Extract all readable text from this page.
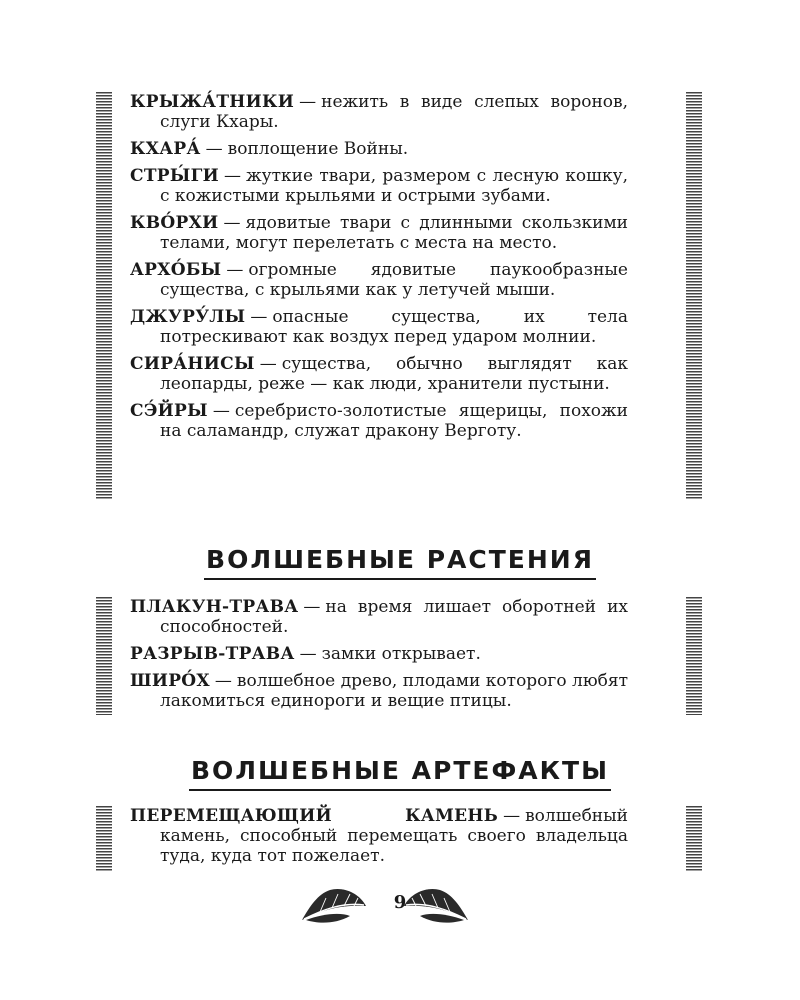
КРЫЖА́ТНИКИ — нежить в виде слепых воронов, слуги Кхары.

КХАРА́ — воплощение Войны.

СТРЫ́ГИ — жуткие твари, размером с лесную кошку, с кожистыми крыльями и острыми зубами.

КВО́РХИ — ядовитые твари с длинными скользкими телами, могут перелетать с места на место.

АРХО́БЫ — огромные ядовитые паукообразные существа, с крыльями как у летучей мыши.

ДЖУРУ́ЛЫ — опасные существа, их тела потрескивают как воздух перед ударом молнии.

СИРА́НИСЫ — существа, обычно выглядят как леопарды, реже — как люди, хранители пустыни.

СЭ́ЙРЫ — серебристо-золотистые ящерицы, похожи на саламандр, служат дракону Верготу.

ВОЛШЕБНЫЕ РАСТЕНИЯ

ПЛАКУН-ТРАВА — на время лишает оборотней их способностей.

РАЗРЫВ-ТРАВА — замки открывает.

ШИРО́Х — волшебное древо, плодами которого любят лакомиться единороги и вещие птицы.

ВОЛШЕБНЫЕ АРТЕФАКТЫ

ПЕРЕМЕЩАЮЩИЙ КАМЕНЬ — волшебный камень, способный перемещать своего владельца туда, куда тот пожелает.

9
